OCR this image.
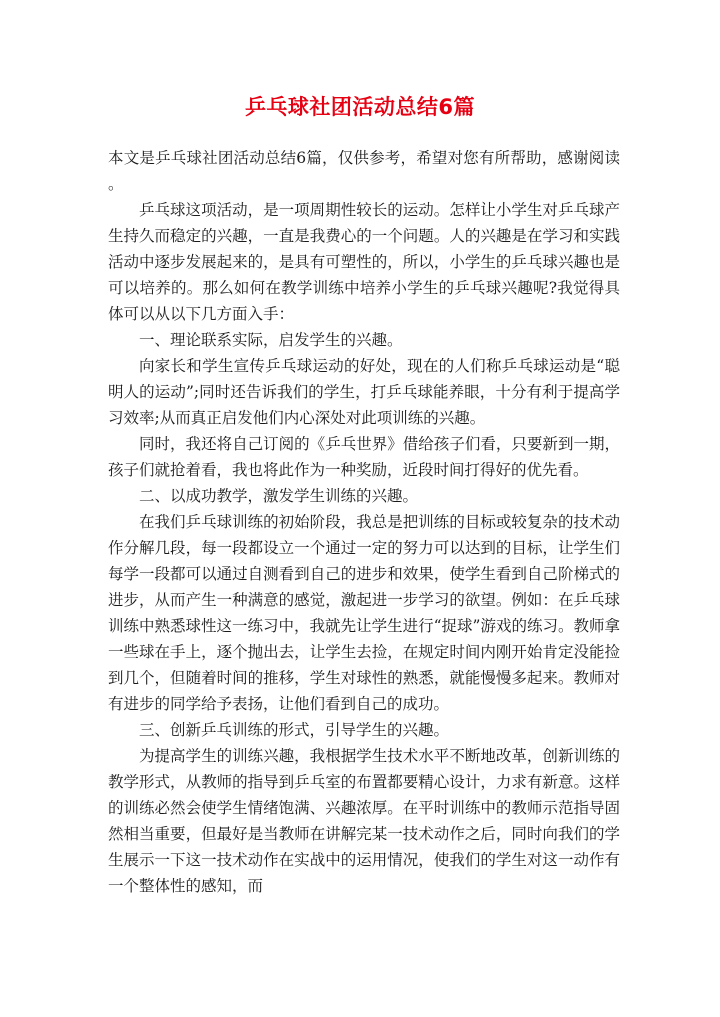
乒乓球社团活动总结6篇

本文是乒乓球社团活动总结6篇，仅供参考，希望对您有所帮助，感谢阅读。

乒乓球这项活动，是一项周期性较长的运动。怎样让小学生对乒乓球产生持久而稳定的兴趣，一直是我费心的一个问题。人的兴趣是在学习和实践活动中逐步发展起来的，是具有可塑性的，所以，小学生的乒乓球兴趣也是可以培养的。那么如何在教学训练中培养小学生的乒乓球兴趣呢?我觉得具体可以从以下几方面入手：

一、理论联系实际，启发学生的兴趣。

向家长和学生宣传乒乓球运动的好处，现在的人们称乒乓球运动是“聪明人的运动”;同时还告诉我们的学生，打乒乓球能养眼，十分有利于提高学习效率;从而真正启发他们内心深处对此项训练的兴趣。

同时，我还将自己订阅的《乒乓世界》借给孩子们看，只要新到一期，孩子们就抢着看，我也将此作为一种奖励，近段时间打得好的优先看。

二、以成功教学，激发学生训练的兴趣。

在我们乒乓球训练的初始阶段，我总是把训练的目标或较复杂的技术动作分解几段，每一段都设立一个通过一定的努力可以达到的目标，让学生们每学一段都可以通过自测看到自己的进步和效果，使学生看到自己阶梯式的进步，从而产生一种满意的感觉，激起进一步学习的欲望。例如：在乒乓球训练中熟悉球性这一练习中，我就先让学生进行“捉球”游戏的练习。教师拿一些球在手上，逐个抛出去，让学生去捡，在规定时间内刚开始肯定没能捡到几个，但随着时间的推移，学生对球性的熟悉，就能慢慢多起来。教师对有进步的同学给予表扬，让他们看到自己的成功。

三、创新乒乓训练的形式，引导学生的兴趣。

为提高学生的训练兴趣，我根据学生技术水平不断地改革，创新训练的教学形式，从教师的指导到乒乓室的布置都要精心设计，力求有新意。这样的训练必然会使学生情绪饱满、兴趣浓厚。在平时训练中的教师示范指导固然相当重要，但最好是当教师在讲解完某一技术动作之后，同时向我们的学生展示一下这一技术动作在实战中的运用情况，使我们的学生对这一动作有一个整体性的感知，而
